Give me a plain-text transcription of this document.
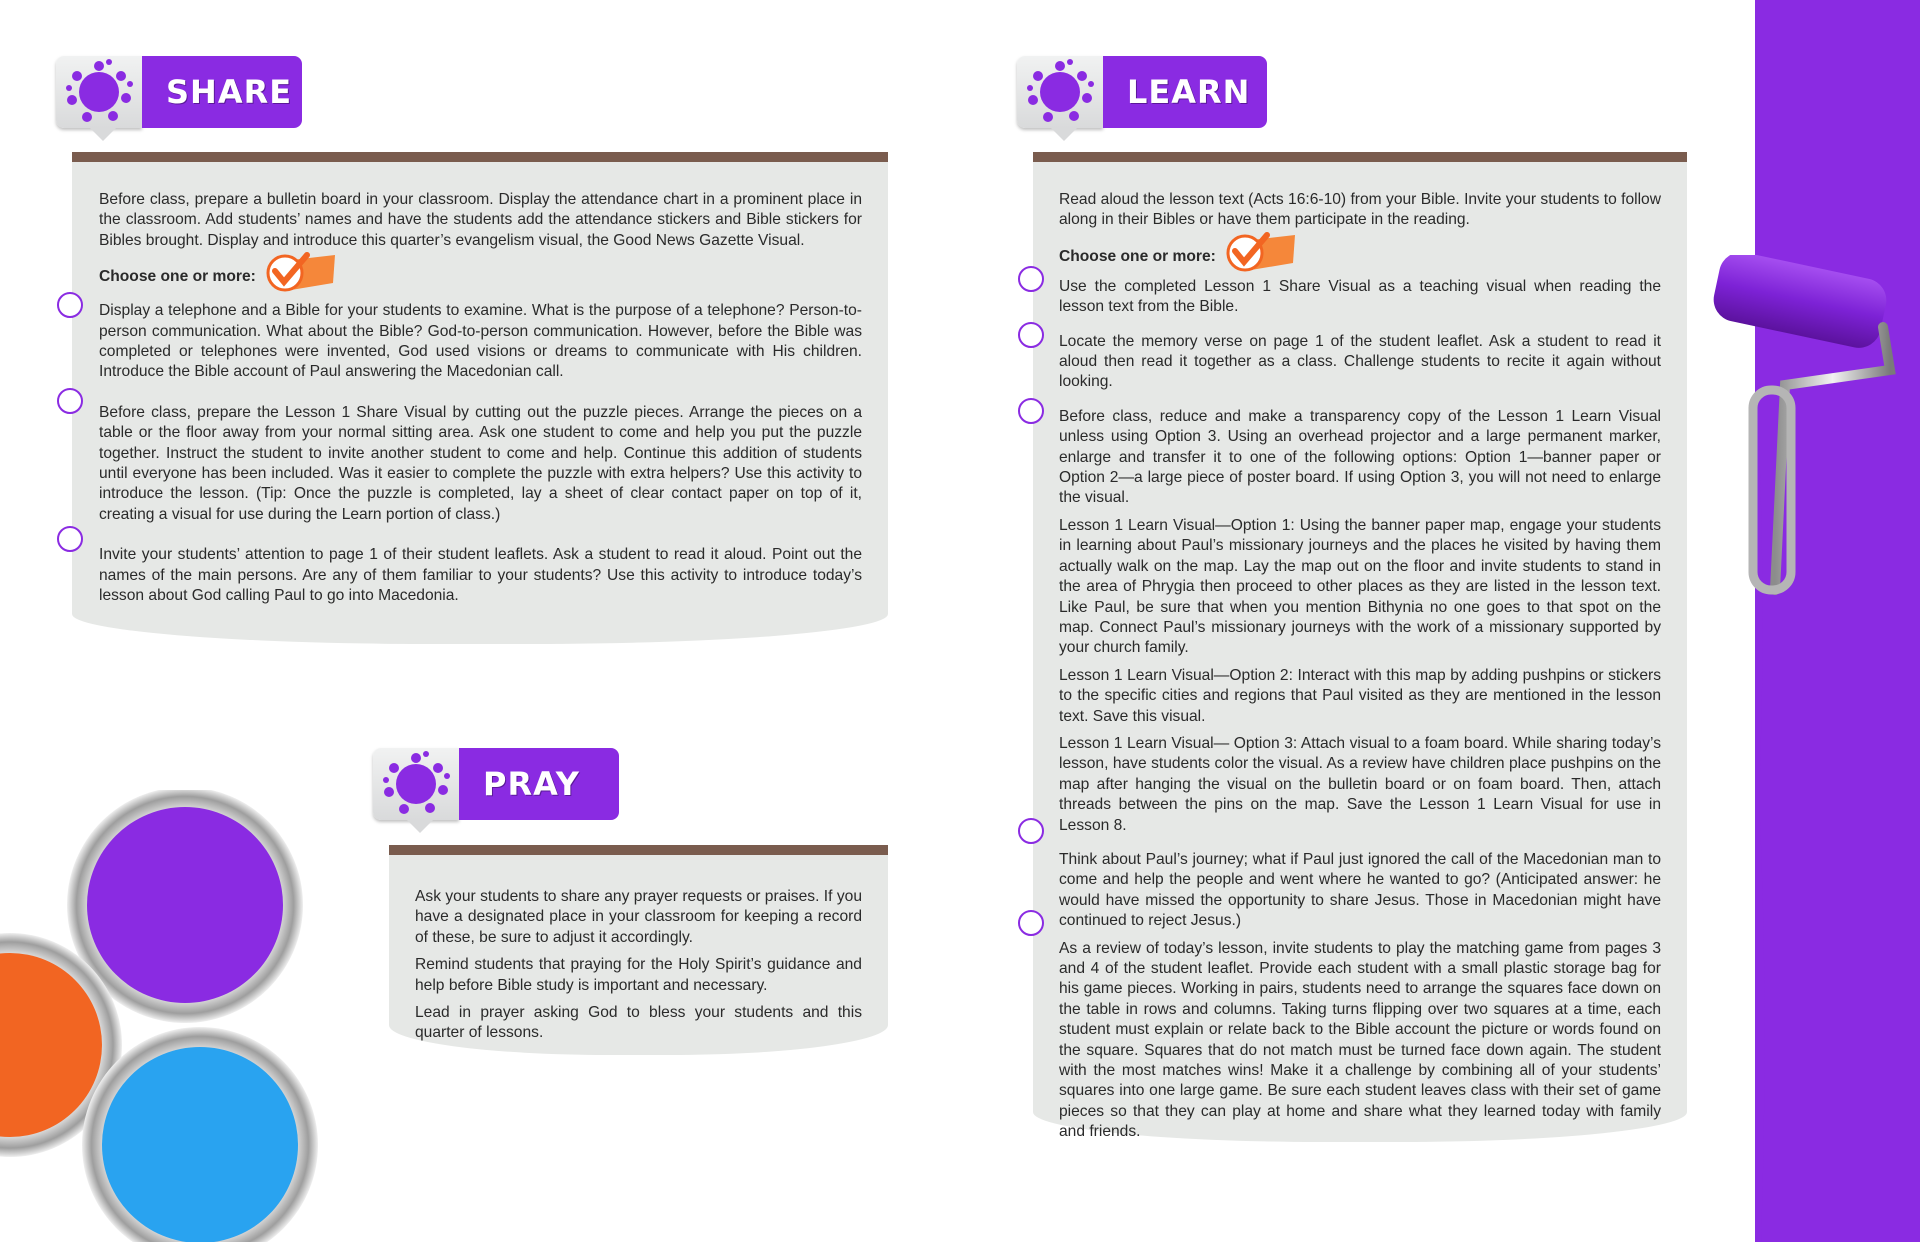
SHARE

Before class, prepare a bulletin board in your classroom. Display the attendance chart in a prominent place in the classroom. Add students’ names and have the students add the attendance stickers and Bible stickers for Bibles brought. Display and introduce this quarter’s evangelism visual, the Good News Gazette Visual.

Choose one or more:

Display a telephone and a Bible for your students to examine. What is the purpose of a telephone? Person-to-person communication. What about the Bible? God-to-person communication. However, before the Bible was completed or telephones were invented, God used visions or dreams to communicate with His children. Introduce the Bible account of Paul answering the Macedonian call.

Before class, prepare the Lesson 1 Share Visual by cutting out the puzzle pieces. Arrange the pieces on a table or the floor away from your normal sitting area. Ask one student to come and help you put the puzzle together. Instruct the student to invite another student to come and help. Continue this addition of students until everyone has been included. Was it easier to complete the puzzle with extra helpers? Use this activity to introduce the lesson. (Tip: Once the puzzle is completed, lay a sheet of clear contact paper on top of it, creating a visual for use during the Learn portion of class.)

Invite your students’ attention to page 1 of their student leaflets. Ask a student to read it aloud. Point out the names of the main persons. Are any of them familiar to your students? Use this activity to introduce today’s lesson about God calling Paul to go into Macedonia.

PRAY

Ask your students to share any prayer requests or praises. If you have a designated place in your classroom for keeping a record of these, be sure to adjust it accordingly.

Remind students that praying for the Holy Spirit’s guidance and help before Bible study is important and necessary.

Lead in prayer asking God to bless your students and this quarter of lessons.

LEARN

Read aloud the lesson text (Acts 16:6-10) from your Bible. Invite your students to follow along in their Bibles or have them participate in the reading.

Choose one or more:

Use the completed Lesson 1 Share Visual as a teaching visual when reading the lesson text from the Bible.

Locate the memory verse on page 1 of the student leaflet. Ask a student to read it aloud then read it together as a class. Challenge students to recite it again without looking.

Before class, reduce and make a transparency copy of the Lesson 1 Learn Visual unless using Option 3. Using an overhead projector and a large permanent marker, enlarge and transfer it to one of the following options: Option 1—banner paper or Option 2—a large piece of poster board. If using Option 3, you will not need to enlarge the visual.

Lesson 1 Learn Visual—Option 1: Using the banner paper map, engage your students in learning about Paul’s missionary journeys and the places he visited by having them actually walk on the map. Lay the map out on the floor and invite students to stand in the area of Phrygia then proceed to other places as they are listed in the lesson text. Like Paul, be sure that when you mention Bithynia no one goes to that spot on the map. Connect Paul’s missionary journeys with the work of a missionary supported by your church family.

Lesson 1 Learn Visual—Option 2: Interact with this map by adding pushpins or stickers to the specific cities and regions that Paul visited as they are mentioned in the lesson text. Save this visual.

Lesson 1 Learn Visual— Option 3: Attach visual to a foam board. While sharing today’s lesson, have students color the visual. As a review have children place pushpins on the map after hanging the visual on the bulletin board or on foam board. Then, attach threads between the pins on the map. Save the Lesson 1 Learn Visual for use in Lesson 8.

Think about Paul’s journey; what if Paul just ignored the call of the Macedonian man to come and help the people and went where he wanted to go? (Anticipated answer: he would have missed the opportunity to share Jesus. Those in Macedonian might have continued to reject Jesus.)

As a review of today’s lesson, invite students to play the matching game from pages 3 and 4 of the student leaflet. Provide each student with a small plastic storage bag for his game pieces. Working in pairs, students need to arrange the squares face down on the table in rows and columns. Taking turns flipping over two squares at a time, each student must explain or relate back to the Bible account the picture or words found on the square. Squares that do not match must be turned face down again. The student with the most matches wins! Make it a challenge by combining all of your students’ squares into one large game. Be sure each student leaves class with their set of game pieces so that they can play at home and share what they learned today with family and friends.
